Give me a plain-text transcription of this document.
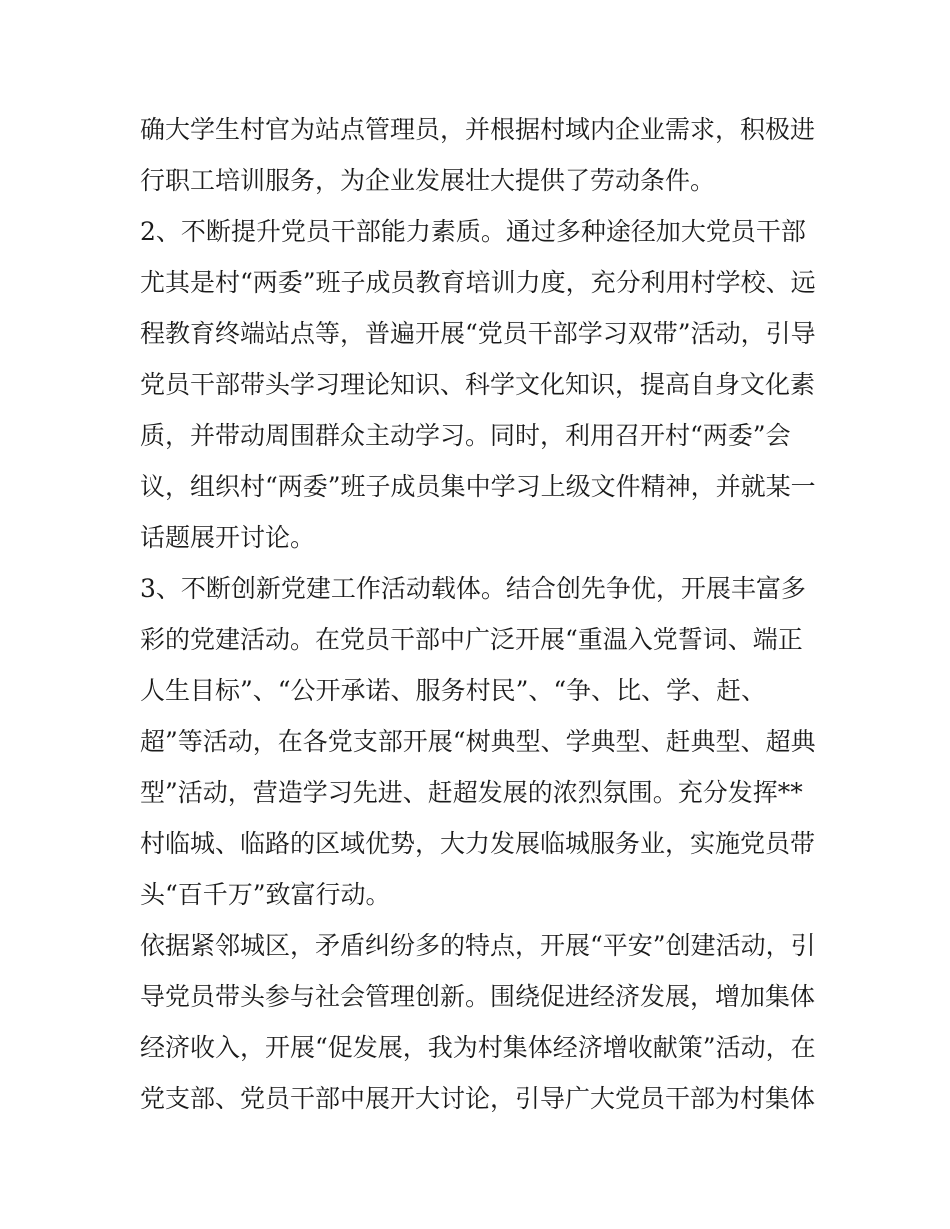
确大学生村官为站点管理员，并根据村域内企业需求，积极进
行职工培训服务，为企业发展壮大提供了劳动条件。
2、不断提升党员干部能力素质。通过多种途径加大党员干部
尤其是村“两委”班子成员教育培训力度，充分利用村学校、远
程教育终端站点等，普遍开展“党员干部学习双带”活动，引导
党员干部带头学习理论知识、科学文化知识，提高自身文化素
质，并带动周围群众主动学习。同时，利用召开村“两委”会
议，组织村“两委”班子成员集中学习上级文件精神，并就某一
话题展开讨论。
3、不断创新党建工作活动载体。结合创先争优，开展丰富多
彩的党建活动。在党员干部中广泛开展“重温入党誓词、端正
人生目标”、“公开承诺、服务村民”、“争、比、学、赶、
超”等活动，在各党支部开展“树典型、学典型、赶典型、超典
型”活动，营造学习先进、赶超发展的浓烈氛围。充分发挥**
村临城、临路的区域优势，大力发展临城服务业，实施党员带
头“百千万”致富行动。
依据紧邻城区，矛盾纠纷多的特点，开展“平安”创建活动，引
导党员带头参与社会管理创新。围绕促进经济发展，增加集体
经济收入，开展“促发展，我为村集体经济增收献策”活动，在
党支部、党员干部中展开大讨论，引导广大党员干部为村集体
